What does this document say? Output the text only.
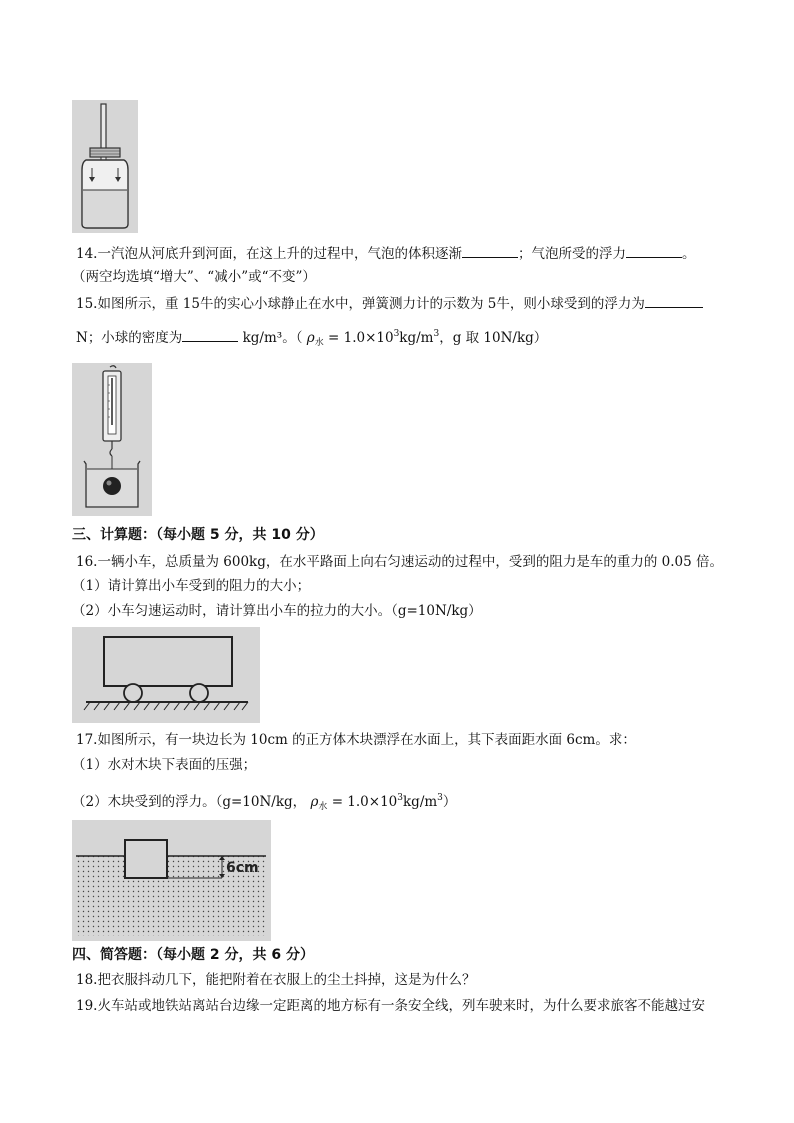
14.一汽泡从河底升到河面，在这上升的过程中，气泡的体积逐渐	；气泡所受的浮力	。
（两空均选填“增大”、“减小”或“不变”）
15.如图所示，重 15牛的实心小球静止在水中，弹簧测力计的示数为 5牛，则小球受到的浮力为
N；小球的密度为	kg/m³。（ $\rho_水 = 1.0\times 10^3kg/m^3$，g 取 10N/kg）
三、计算题：（每小题 5 分，共 10 分）
16.一辆小车，总质量为 600kg，在水平路面上向右匀速运动的过程中，受到的阻力是车的重力的 0.05 倍。
（1）请计算出小车受到的阻力的大小；
（2）小车匀速运动时，请计算出小车的拉力的大小。（g=10N/kg）
17.如图所示，有一块边长为 10cm 的正方体木块漂浮在水面上，其下表面距水面 6cm。求：
（1）水对木块下表面的压强；
（2）木块受到的浮力。（g=10N/kg， $\rho_水 = 1.0\times 10^3kg/m^3$）
6cm
四、简答题：（每小题 2 分，共 6 分）
18.把衣服抖动几下，能把附着在衣服上的尘土抖掉，这是为什么？
19.火车站或地铁站离站台边缘一定距离的地方标有一条安全线，列车驶来时，为什么要求旅客不能越过安
